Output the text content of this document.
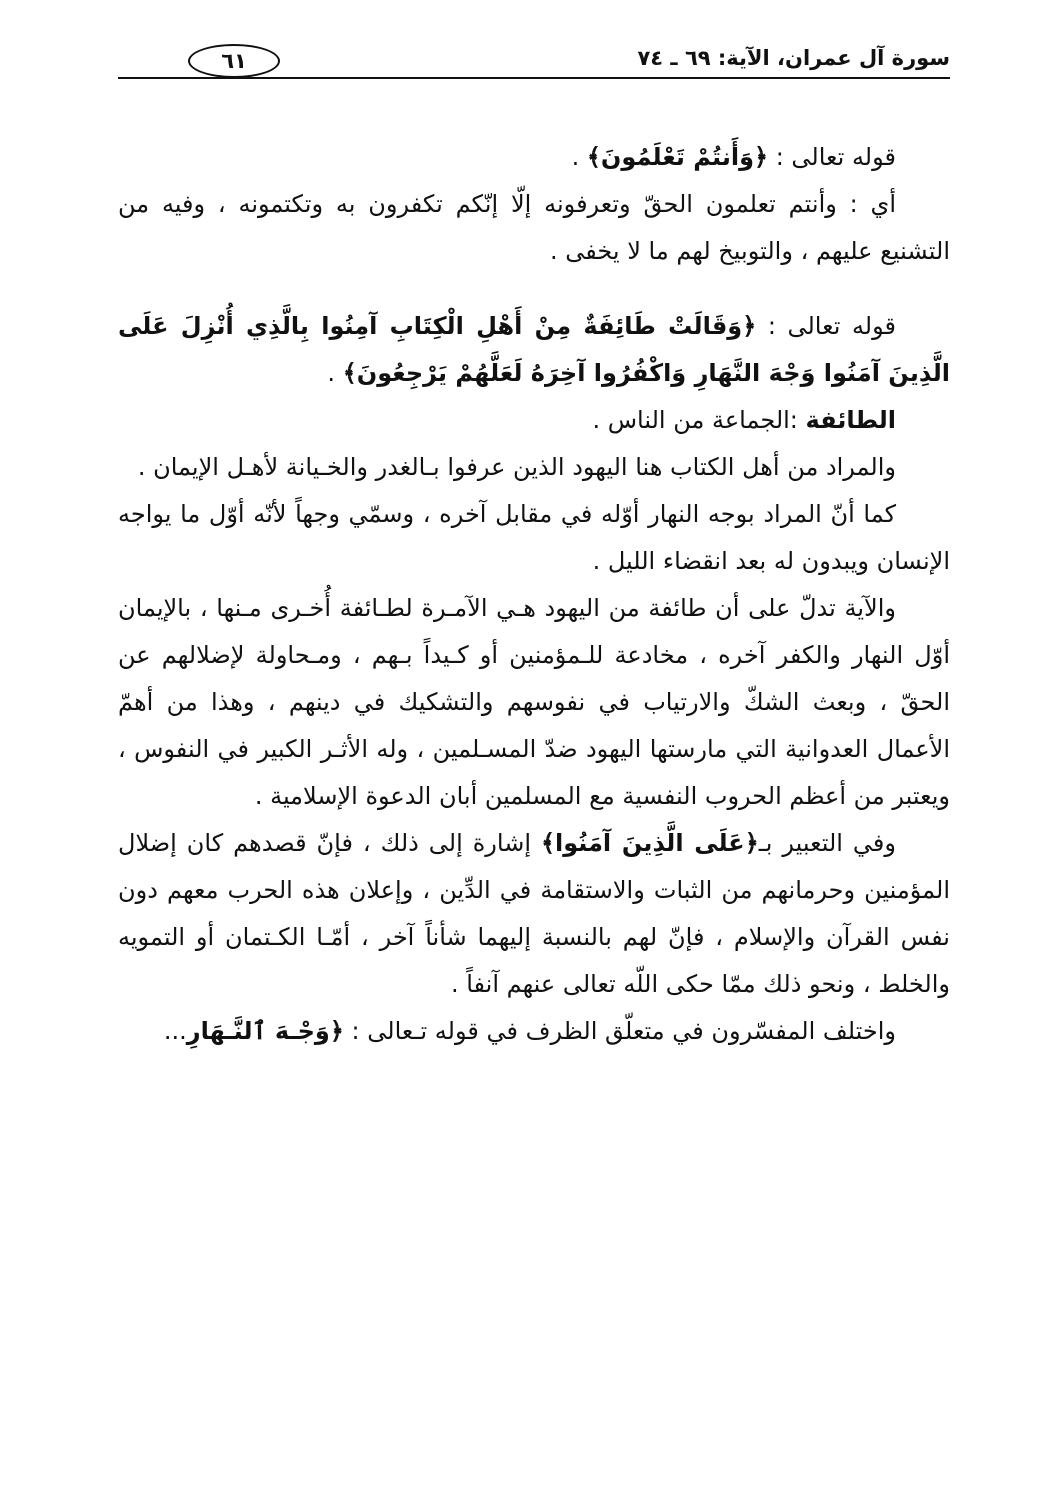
سورة آل عمران، الآية: ٦٩ ـ ٧٤
٦١

قوله تعالى : ﴿وَأَنتُمْ تَعْلَمُونَ﴾ .

أي : وأنتم تعلمون الحقّ وتعرفونه إلّا إنّكم تكفرون به وتكتمونه ، وفيه من التشنيع عليهم ، والتوبيخ لهم ما لا يخفى .

قوله تعالى : ﴿وَقَالَتْ طَائِفَةٌ مِنْ أَهْلِ الْكِتَابِ آمِنُوا بِالَّذِي أُنْزِلَ عَلَى الَّذِينَ آمَنُوا وَجْهَ النَّهَارِ وَاكْفُرُوا آخِرَهُ لَعَلَّهُمْ يَرْجِعُونَ﴾ .

الطائفة :الجماعة من الناس .

والمراد من أهل الكتاب هنا اليهود الذين عرفوا بـالغدر والخـيانة لأهـل الإيمان .

كما أنّ المراد بوجه النهار أوّله في مقابل آخره ، وسمّي وجهاً لأنّه أوّل ما يواجه الإنسان ويبدون له بعد انقضاء الليل .

والآية تدلّ على أن طائفة من اليهود هـي الآمـرة لطـائفة أُخـرى مـنها ، بالإيمان أوّل النهار والكفر آخره ، مخادعة للـمؤمنين أو كـيداً بـهم ، ومـحاولة لإضلالهم عن الحقّ ، وبعث الشكّ والارتياب في نفوسهم والتشكيك في دينهم ، وهذا من أهمّ الأعمال العدوانية التي مارستها اليهود ضدّ المسـلمين ، وله الأثـر الكبير في النفوس ، ويعتبر من أعظم الحروب النفسية مع المسلمين أبان الدعوة الإسلامية .

وفي التعبير بـ﴿عَلَى الَّذِينَ آمَنُوا﴾ إشارة إلى ذلك ، فإنّ قصدهم كان إضلال المؤمنين وحرمانهم من الثبات والاستقامة في الدِّين ، وإعلان هذه الحرب معهم دون نفس القرآن والإسلام ، فإنّ لهم بالنسبة إليهما شأناً آخر ، أمّـا الكـتمان أو التمويه والخلط ، ونحو ذلك ممّا حكى اللّه تعالى عنهم آنفاً .

واختلف المفسّرون في متعلّق الظرف في قوله تـعالى : ﴿وَجْـهَ ٱلنَّـهَارِ...
